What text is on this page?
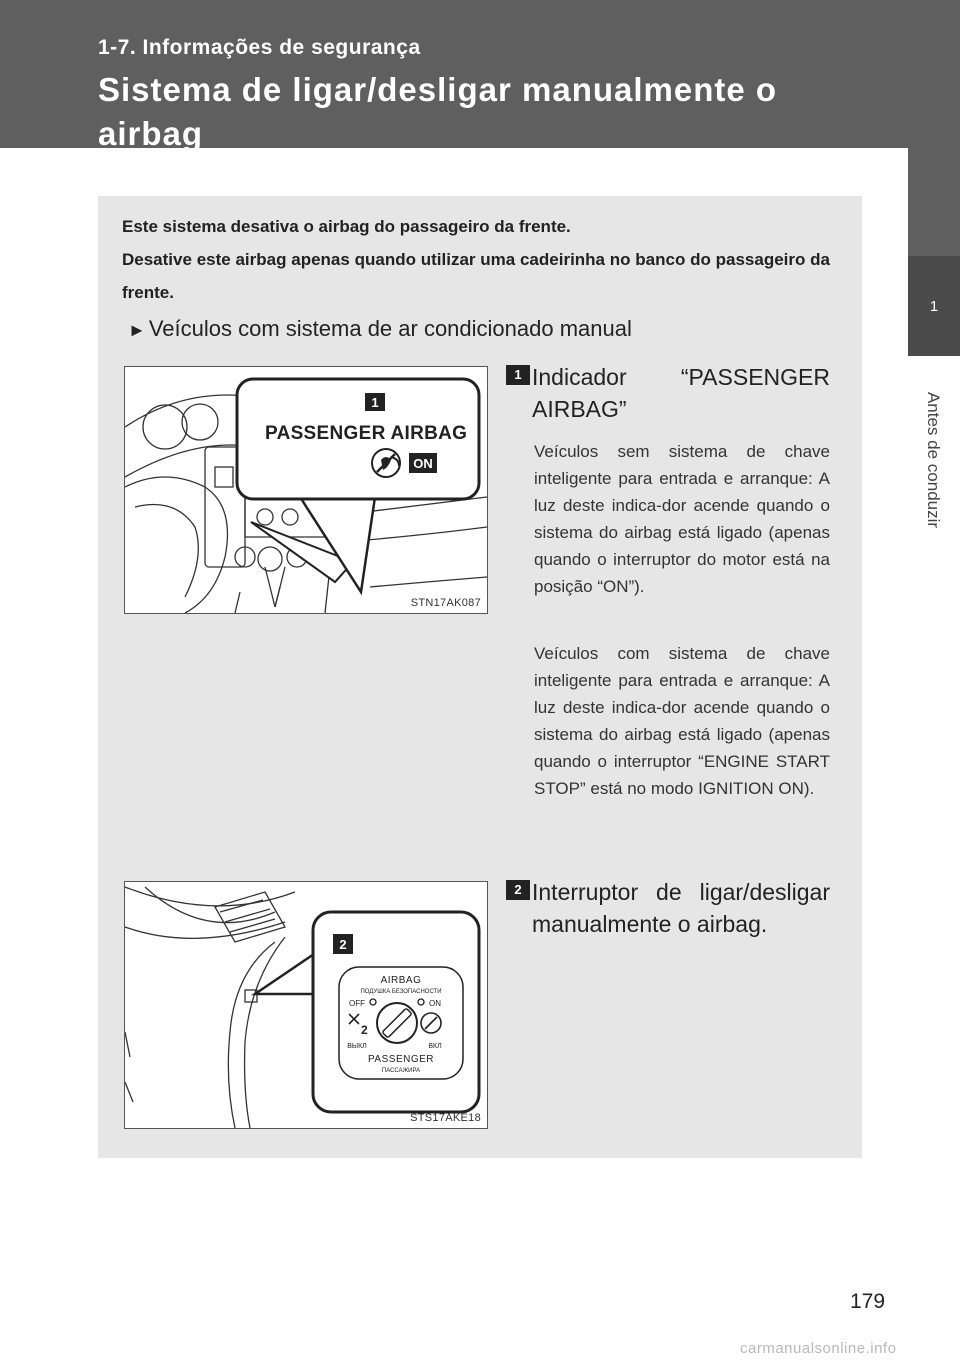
1-7. Informações de segurança
Sistema de ligar/desligar manualmente o airbag
1
Antes de conduzir

Este sistema desativa o airbag do passageiro da frente.

Desative este airbag apenas quando utilizar uma cadeirinha no banco do passageiro da frente.

► Veículos com sistema de ar condicionado manual
1
PASSENGER AIRBAG
ON
STN17AK087
1 Indicador “PASSENGER AIRBAG”
Veículos sem sistema de chave inteligente para entrada e arranque: A luz deste indica-dor acende quando o sistema do airbag está ligado (apenas quando o interruptor do motor está na posição “ON”).
Veículos com sistema de chave inteligente para entrada e arranque: A luz deste indica-dor acende quando o sistema do airbag está ligado (apenas quando o interruptor “ENGINE START STOP” está no modo IGNITION ON).
2
AIRBAG
ПОДУШКА БЕЗОПАСНОСТИ
OFF	ON
2
ВЫКЛ	ВКЛ
PASSENGER
ПАССАЖИРА
STS17AKE18
2 Interruptor de ligar/desligar manualmente o airbag.
179
carmanualsonline.info
